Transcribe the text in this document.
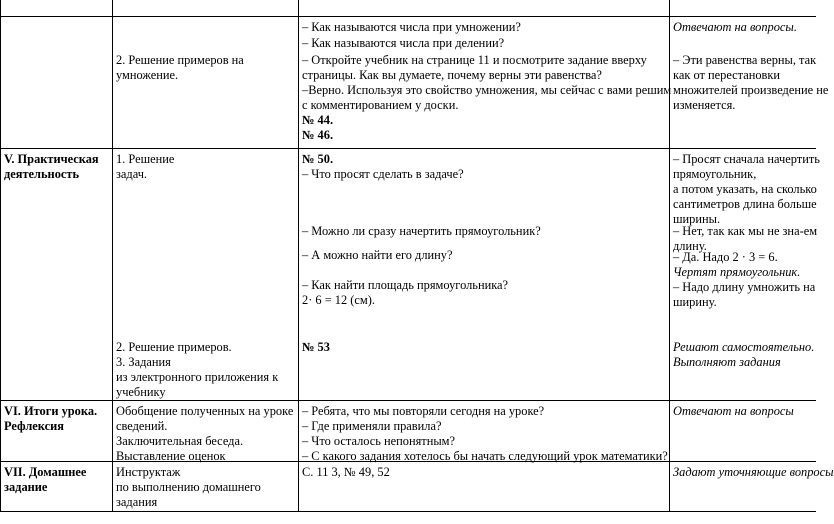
– Как называются числа при умножении?
– Как называются числа при делении?
Отвечают на вопросы.
2. Решение примеров на
умножение.
– Откройте учебник на странице 11 и посмотрите задание вверху
страницы. Как вы думаете, почему верны эти равенства?
–Верно. Используя это свойство умножения, мы сейчас с вами решим
с комментированием у доски.
№ 44.
№ 46.
– Эти равенства верны, так
как от перестановки
множителей произведение не
изменяется.
V. Практическая
деятельность
1. Решение
задач.
№ 50.
– Что просят сделать в задаче?
– Можно ли сразу начертить прямоугольник?
– А можно найти его длину?
– Как найти площадь прямоугольника?
2· 6 = 12 (см).
– Просят сначала начертить
прямоугольник,
а потом указать, на сколько
сантиметров длина больше
ширины.
– Нет, так как мы не зна-ем
длину.
– Да. Надо 2 · 3 = 6.
Чертят прямоугольник.
– Надо длину умножить на
ширину.
2. Решение примеров.
3. Задания
из электронного приложения к
учебнику
№ 53	Решают самостоятельно.
Выполняют задания
VI. Итоги урока.
Рефлексия
Обобщение полученных на уроке
сведений.
Заключительная беседа.
Выставление оценок
– Ребята, что мы повторяли сегодня на уроке?
– Где применяли правила?
– Что осталось непонятным?
– С какого задания хотелось бы начать следующий урок математики?
Отвечают на вопросы
VII. Домашнее
задание
Инструктаж
по выполнению домашнего
задания
С. 11 3, № 49, 52	Задают уточняющие вопросы
